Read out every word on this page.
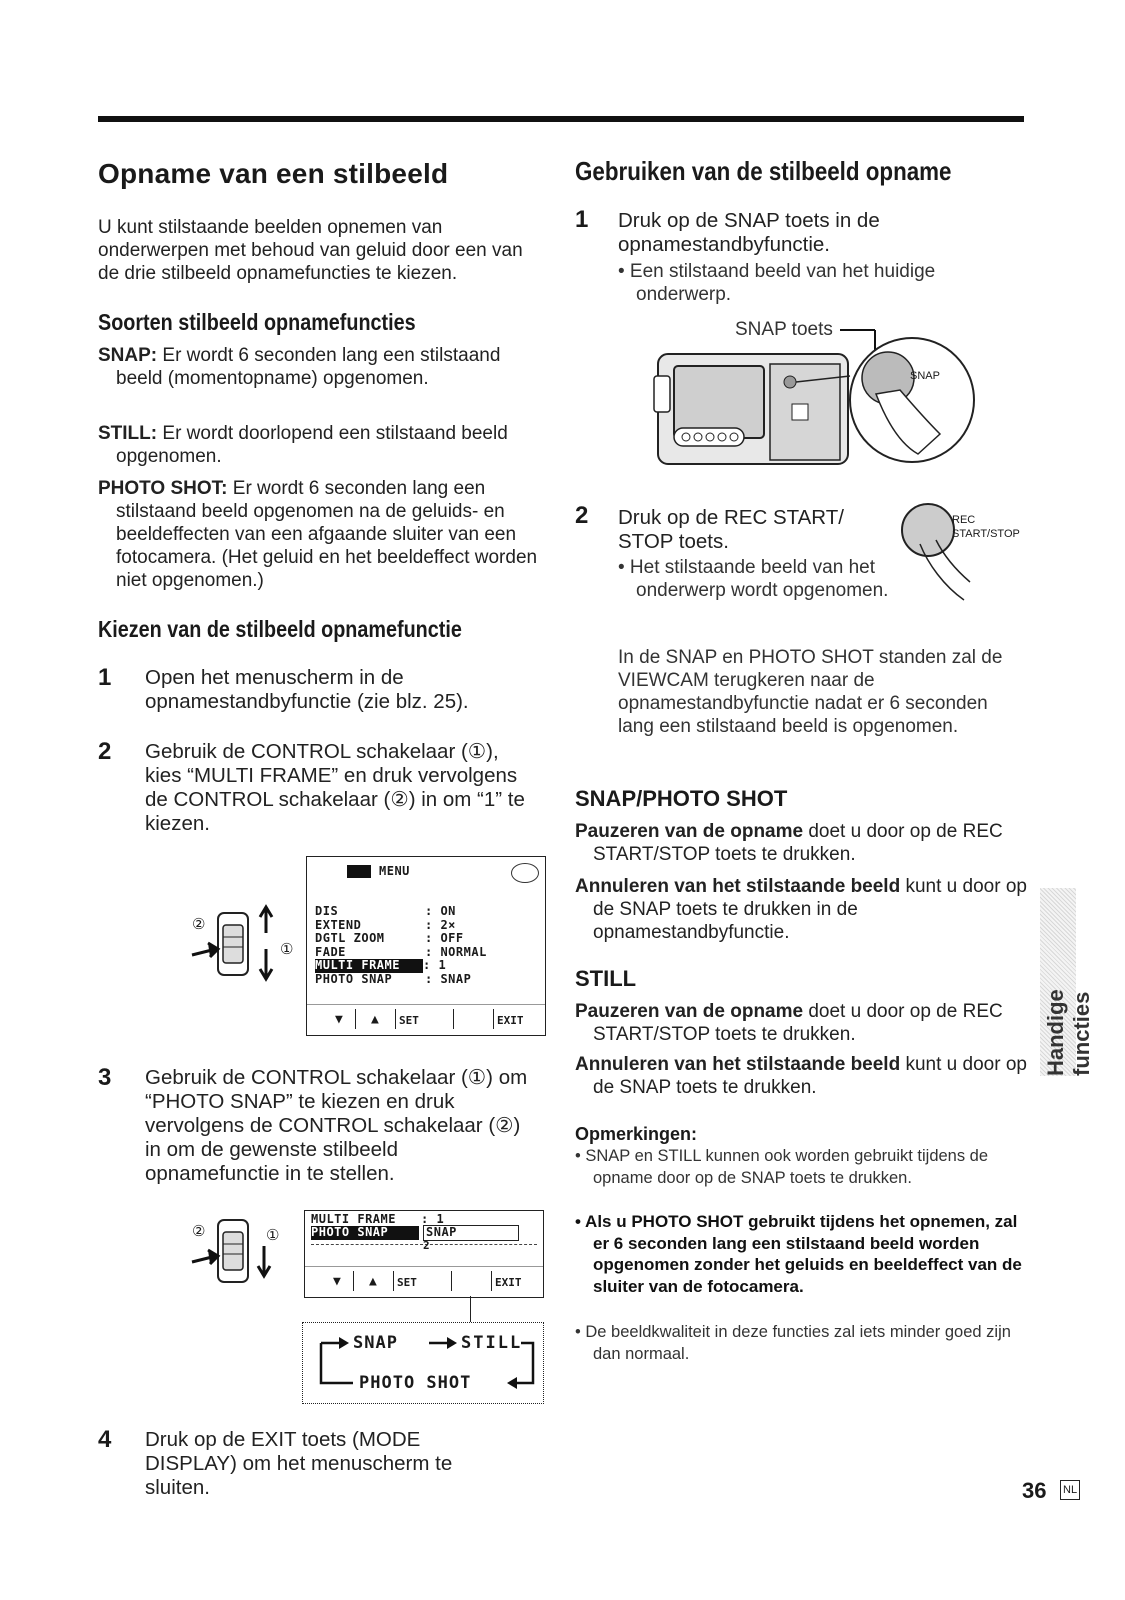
Opname van een stilbeeld
U kunt stilstaande beelden opnemen van onderwerpen met behoud van geluid door een van de drie stilbeeld opnamefuncties te kiezen.
Soorten stilbeeld opnamefuncties
SNAP: Er wordt 6 seconden lang een stilstaand beeld (momentopname) opgenomen.
STILL: Er wordt doorlopend een stilstaand beeld opgenomen.
PHOTO SHOT: Er wordt 6 seconden lang een stilstaand beeld opgenomen na de geluids- en beeldeffecten van een afgaande sluiter van een fotocamera. (Het geluid en het beeldeffect worden niet opgenomen.)
Kiezen van de stilbeeld opnamefunctie
1 Open het menuscherm in de opnamestandbyfunctie (zie blz. 25).
2 Gebruik de CONTROL schakelaar (①), kies “MULTI FRAME” en druk vervolgens de CONTROL schakelaar (②) in om “1” te kiezen.
②
①
MENU
DIS	: ON
EXTEND	: 2×
DGTL ZOOM	: OFF
FADE	: NORMAL
MULTI FRAME : 1
PHOTO SNAP	: SNAP
▼ ▲ SET	EXIT
3 Gebruik de CONTROL schakelaar (①) om “PHOTO SNAP” te kiezen en druk vervolgens de CONTROL schakelaar (②) in om de gewenste stilbeeld opnamefunctie in te stellen.
②	①
MULTI FRAME : 1
PHOTO SNAP	SNAP
2
▼ ▲ SET	EXIT
SNAP	STILL
PHOTO SHOT
4 Druk op de EXIT toets (MODE DISPLAY) om het menuscherm te sluiten.
Gebruiken van de stilbeeld opname
1 Druk op de SNAP toets in de opnamestandbyfunctie.
• Een stilstaand beeld van het huidige onderwerp.
SNAP toets
SNAP
2 Druk op de REC START/ STOP toets.
• Het stilstaande beeld van het onderwerp wordt opgenomen.
REC
START/STOP
In de SNAP en PHOTO SHOT standen zal de VIEWCAM terugkeren naar de opnamestandbyfunctie nadat er 6 seconden lang een stilstaand beeld is opgenomen.
SNAP/PHOTO SHOT
Pauzeren van de opname doet u door op de REC START/STOP toets te drukken.
Annuleren van het stilstaande beeld kunt u door op de SNAP toets te drukken in de opnamestandbyfunctie.
STILL
Pauzeren van de opname doet u door op de REC START/STOP toets te drukken.
Annuleren van het stilstaande beeld kunt u door op de SNAP toets te drukken.
Opmerkingen:
• SNAP en STILL kunnen ook worden gebruikt tijdens de opname door op de SNAP toets te drukken.
• Als u PHOTO SHOT gebruikt tijdens het opnemen, zal er 6 seconden lang een stilstaand beeld worden opgenomen zonder het geluids en beeldeffect van de sluiter van de fotocamera.
• De beeldkwaliteit in deze functies zal iets minder goed zijn dan normaal.
Handige functies
36 NL
